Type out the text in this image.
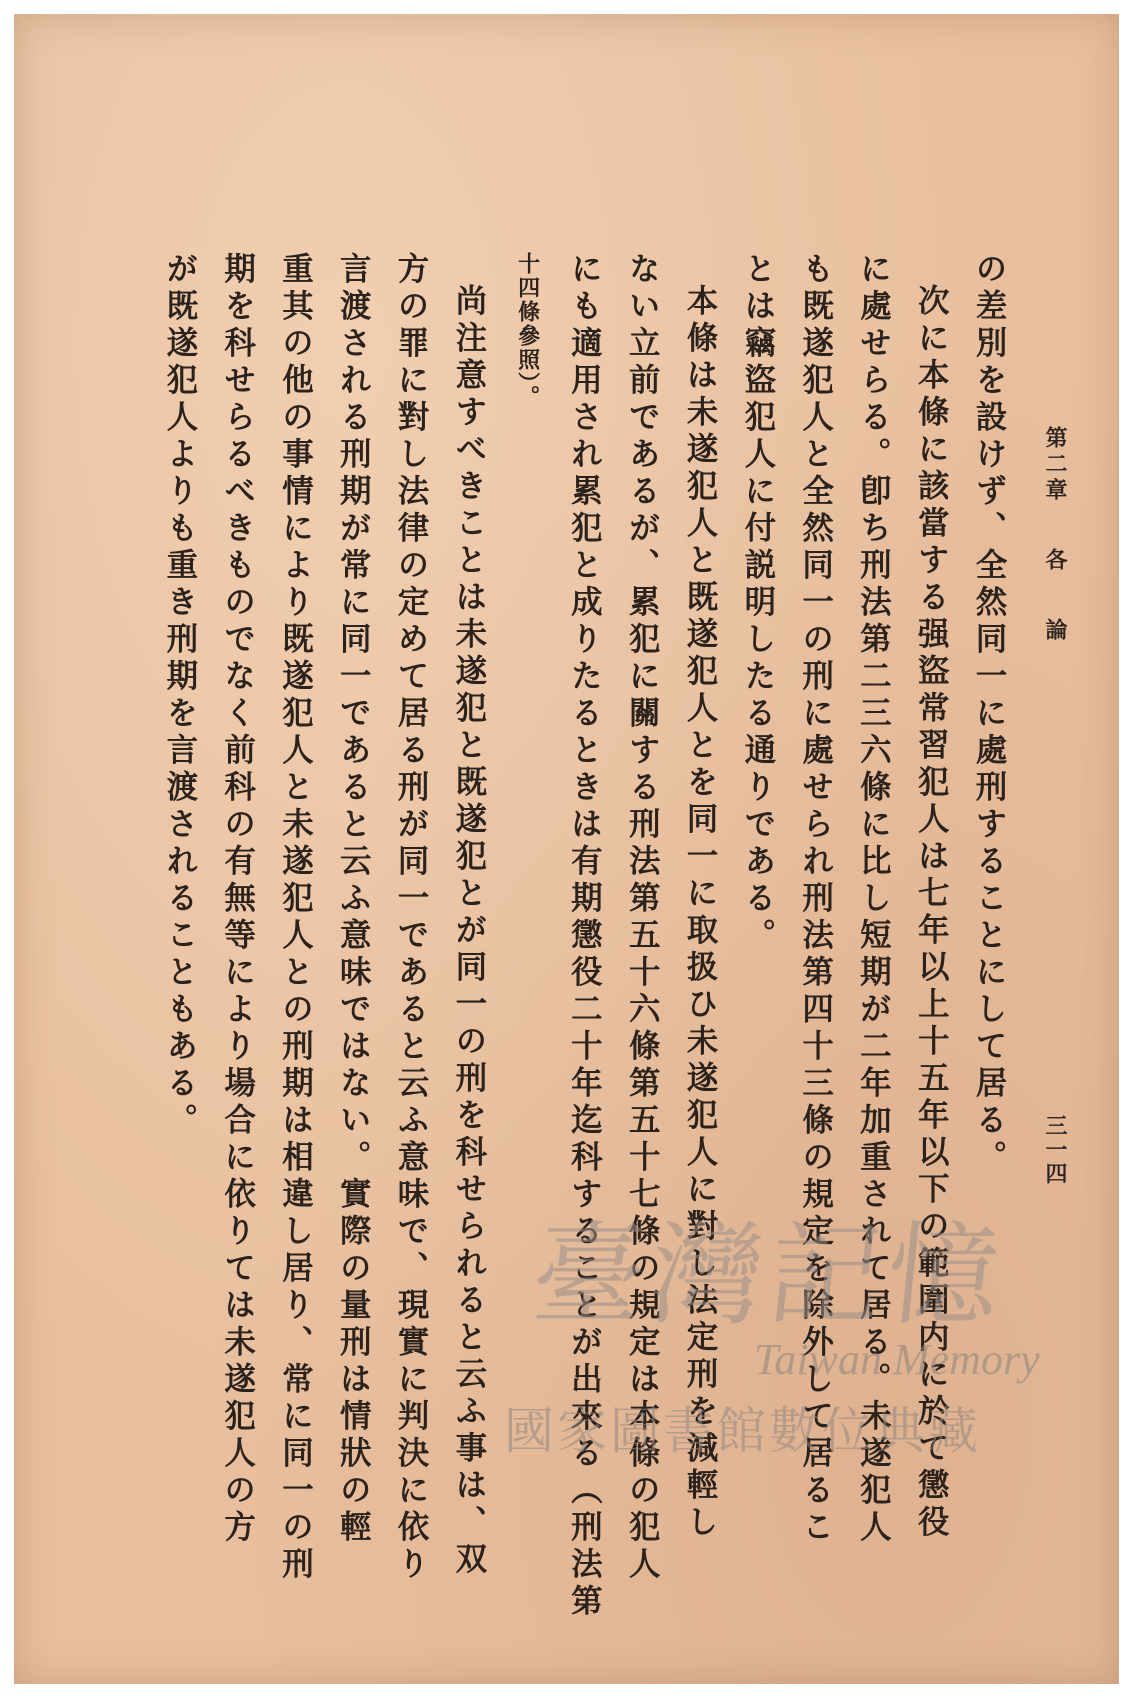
第二章各論
三一四

の差別を設けず、全然同一に處刑することにして居る。

次に本條に該當する强盜常習犯人は七年以上十五年以下の範圍内に於て懲役

に處せらる。卽ち刑法第二三六條に比し短期が二年加重されて居る。未遂犯人

も既遂犯人と全然同一の刑に處せられ刑法第四十三條の規定を除外して居るこ

とは竊盜犯人に付説明したる通りである。

本條は未遂犯人と既遂犯人とを同一に取扱ひ未遂犯人に對し法定刑を減輕し

ない立前であるが、累犯に關する刑法第五十六條第五十七條の規定は本條の犯人

にも適用され累犯と成りたるときは有期懲役二十年迄科することが出來る（刑法第

十四條參照）。

尚注意すべきことは未遂犯と既遂犯とが同一の刑を科せられると云ふ事は、双

方の罪に對し法律の定めて居る刑が同一であると云ふ意味で、現實に判決に依り

言渡される刑期が常に同一であると云ふ意味ではない。實際の量刑は情狀の輕

重其の他の事情により既遂犯人と未遂犯人との刑期は相違し居り、常に同一の刑

期を科せらるべきものでなく前科の有無等により場合に依りては未遂犯人の方

が既遂犯人よりも重き刑期を言渡されることもある。

臺灣記憶
Taiwan Memory
國家圖書館數位典藏
